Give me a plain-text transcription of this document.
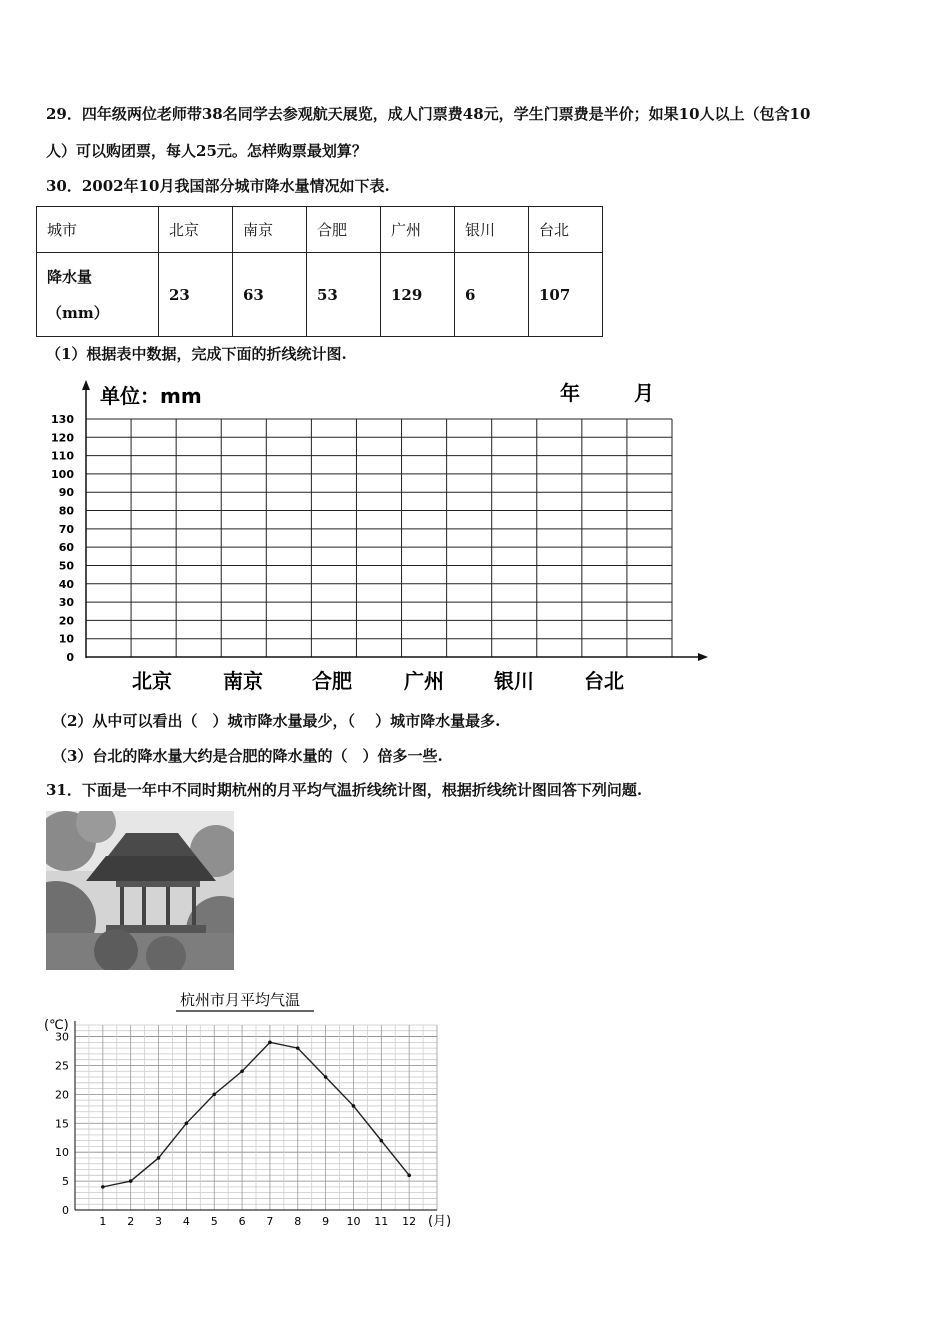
29．四年级两位老师带38名同学去参观航天展览，成人门票费48元，学生门票费是半价；如果10人以上（包含10
人）可以购团票，每人25元。怎样购票最划算？
30．2002年10月我国部分城市降水量情况如下表.
城市	北京	南京	合肥	广州	银川	台北

降水量
（mm）	23	63	53	129	6	107
（1）根据表中数据，完成下面的折线统计图.
0
10
20
30
40
50
60
70
80
90
100
110
120
130
北京	南京 合肥	广州	银川	台北
单位：mm	年	月
（2）从中可以看出（　）城市降水量最少，（　 ）城市降水量最多.
（3）台北的降水量大约是合肥的降水量的（　）倍多一些.
31．下面是一年中不同时期杭州的月平均气温折线统计图，根据折线统计图回答下列问题.
杭州市月平均气温
(℃)
(月)
0
5
10
15
20
25
30
1 2 3 4 5 6 7 8 9 10 11 12
